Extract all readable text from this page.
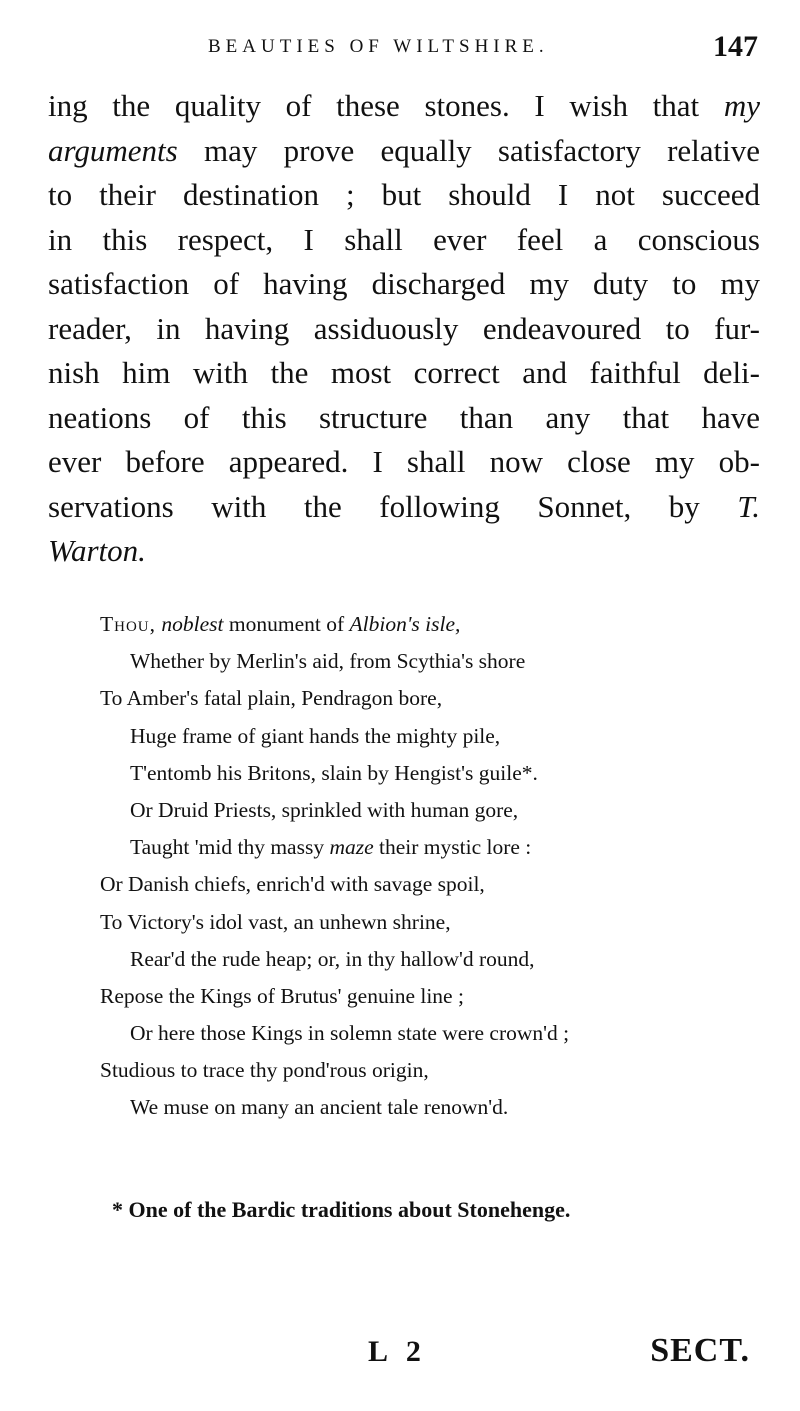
BEAUTIES OF WILTSHIRE.	147
ing the quality of these stones. I wish that my
arguments may prove equally satisfactory relative
to their destination ; but should I not succeed
in this respect, I shall ever feel a conscious
satisfaction of having discharged my duty to my
reader, in having assiduously endeavoured to fur-
nish him with the most correct and faithful deli-
neations of this structure than any that have
ever before appeared. I shall now close my ob-
servations with the following Sonnet, by T.
Warton.
Thou, noblest monument of Albion's isle,
Whether by Merlin's aid, from Scythia's shore
To Amber's fatal plain, Pendragon bore,
Huge frame of giant hands the mighty pile,
T'entomb his Britons, slain by Hengist's guile*.
Or Druid Priests, sprinkled with human gore,
Taught 'mid thy massy maze their mystic lore :
Or Danish chiefs, enrich'd with savage spoil,
To Victory's idol vast, an unhewn shrine,
Rear'd the rude heap; or, in thy hallow'd round,
Repose the Kings of Brutus' genuine line ;
Or here those Kings in solemn state were crown'd ;
Studious to trace thy pond'rous origin,
We muse on many an ancient tale renown'd.
* One of the Bardic traditions about Stonehenge.
L 2	SECT.
